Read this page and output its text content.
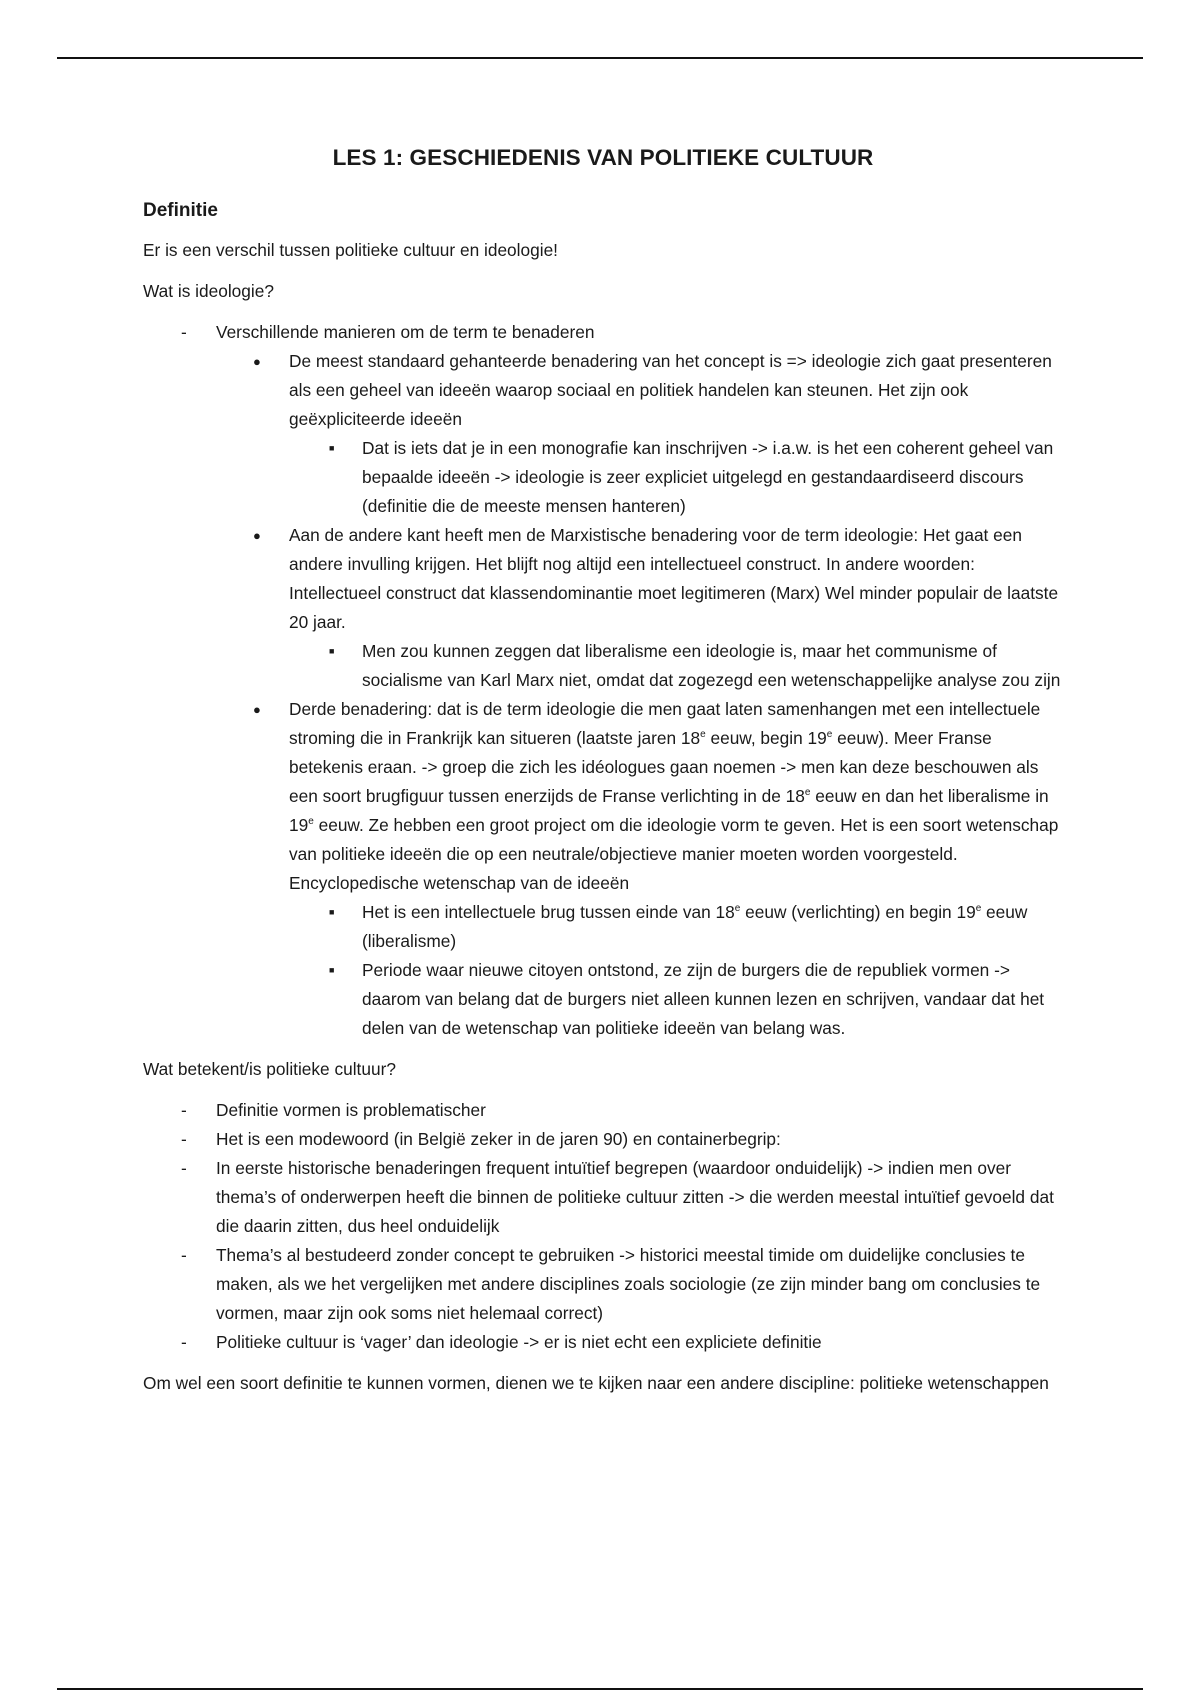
LES 1: GESCHIEDENIS VAN POLITIEKE CULTUUR
Definitie

Er is een verschil tussen politieke cultuur en ideologie!

Wat is ideologie?

- Verschillende manieren om de term te benaderen
● De meest standaard gehanteerde benadering van het concept is => ideologie zich gaat presenteren als een geheel van ideeën waarop sociaal en politiek handelen kan steunen. Het zijn ook geëxpliciteerde ideeën
■ Dat is iets dat je in een monografie kan inschrijven -> i.a.w. is het een coherent geheel van bepaalde ideeën -> ideologie is zeer expliciet uitgelegd en gestandaardiseerd discours (definitie die de meeste mensen hanteren)
● Aan de andere kant heeft men de Marxistische benadering voor de term ideologie: Het gaat een andere invulling krijgen. Het blijft nog altijd een intellectueel construct. In andere woorden: Intellectueel construct dat klassendominantie moet legitimeren (Marx) Wel minder populair de laatste 20 jaar.
■ Men zou kunnen zeggen dat liberalisme een ideologie is, maar het communisme of socialisme van Karl Marx niet, omdat dat zogezegd een wetenschappelijke analyse zou zijn
● Derde benadering: dat is de term ideologie die men gaat laten samenhangen met een intellectuele stroming die in Frankrijk kan situeren (laatste jaren 18e eeuw, begin 19e eeuw). Meer Franse betekenis eraan. -> groep die zich les idéologues gaan noemen -> men kan deze beschouwen als een soort brugfiguur tussen enerzijds de Franse verlichting in de 18e eeuw en dan het liberalisme in 19e eeuw. Ze hebben een groot project om die ideologie vorm te geven. Het is een soort wetenschap van politieke ideeën die op een neutrale/objectieve manier moeten worden voorgesteld. Encyclopedische wetenschap van de ideeën
■ Het is een intellectuele brug tussen einde van 18e eeuw (verlichting) en begin 19e eeuw (liberalisme)
■ Periode waar nieuwe citoyen ontstond, ze zijn de burgers die de republiek vormen -> daarom van belang dat de burgers niet alleen kunnen lezen en schrijven, vandaar dat het delen van de wetenschap van politieke ideeën van belang was.

Wat betekent/is politieke cultuur?

- Definitie vormen is problematischer
- Het is een modewoord (in België zeker in de jaren 90) en containerbegrip:
- In eerste historische benaderingen frequent intuïtief begrepen (waardoor onduidelijk) -> indien men over thema’s of onderwerpen heeft die binnen de politieke cultuur zitten -> die werden meestal intuïtief gevoeld dat die daarin zitten, dus heel onduidelijk
- Thema’s al bestudeerd zonder concept te gebruiken -> historici meestal timide om duidelijke conclusies te maken, als we het vergelijken met andere disciplines zoals sociologie (ze zijn minder bang om conclusies te vormen, maar zijn ook soms niet helemaal correct)
- Politieke cultuur is ‘vager’ dan ideologie -> er is niet echt een expliciete definitie

Om wel een soort definitie te kunnen vormen, dienen we te kijken naar een andere discipline: politieke wetenschappen
